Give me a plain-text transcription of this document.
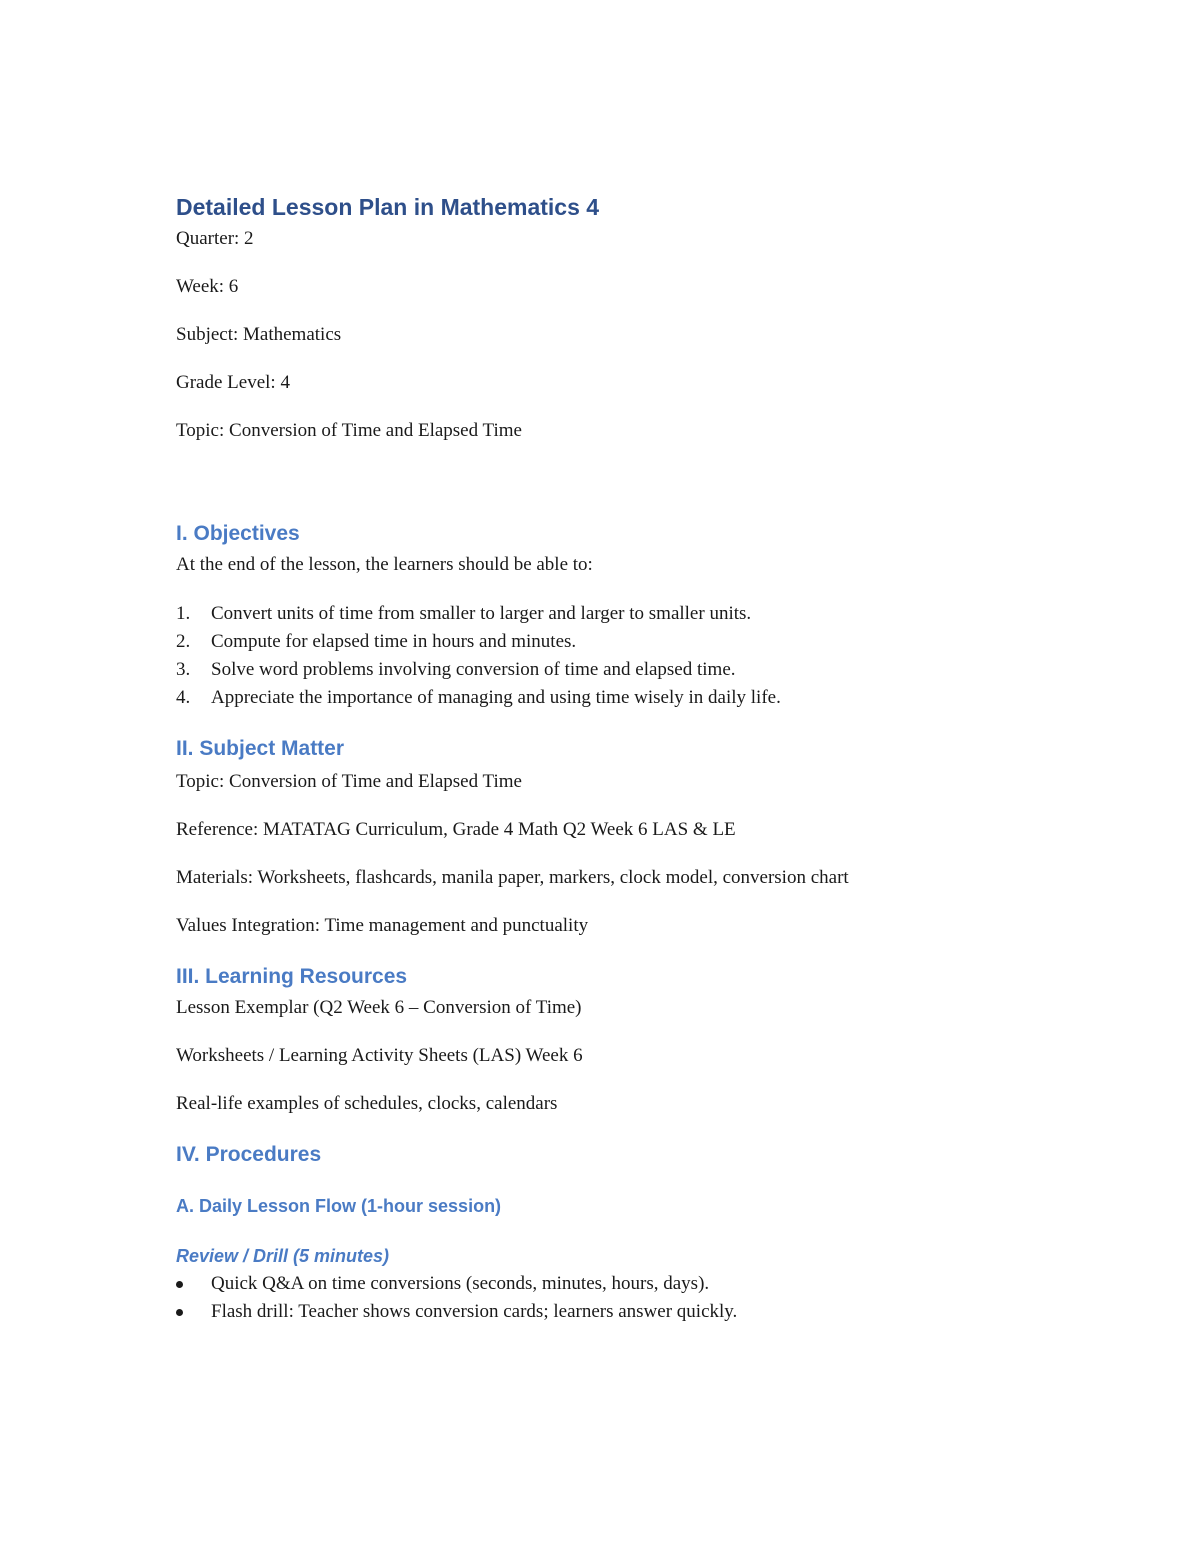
Detailed Lesson Plan in Mathematics 4

Quarter: 2

Week: 6

Subject: Mathematics

Grade Level: 4

Topic: Conversion of Time and Elapsed Time

I. Objectives

At the end of the lesson, the learners should be able to:

1. Convert units of time from smaller to larger and larger to smaller units.
2. Compute for elapsed time in hours and minutes.
3. Solve word problems involving conversion of time and elapsed time.
4. Appreciate the importance of managing and using time wisely in daily life.
II. Subject Matter

Topic: Conversion of Time and Elapsed Time

Reference: MATATAG Curriculum, Grade 4 Math Q2 Week 6 LAS & LE

Materials: Worksheets, flashcards, manila paper, markers, clock model, conversion chart

Values Integration: Time management and punctuality

III. Learning Resources

Lesson Exemplar (Q2 Week 6 – Conversion of Time)

Worksheets / Learning Activity Sheets (LAS) Week 6

Real-life examples of schedules, clocks, calendars

IV. Procedures
A. Daily Lesson Flow (1-hour session)
Review / Drill (5 minutes)
Quick Q&A on time conversions (seconds, minutes, hours, days).
Flash drill: Teacher shows conversion cards; learners answer quickly.
